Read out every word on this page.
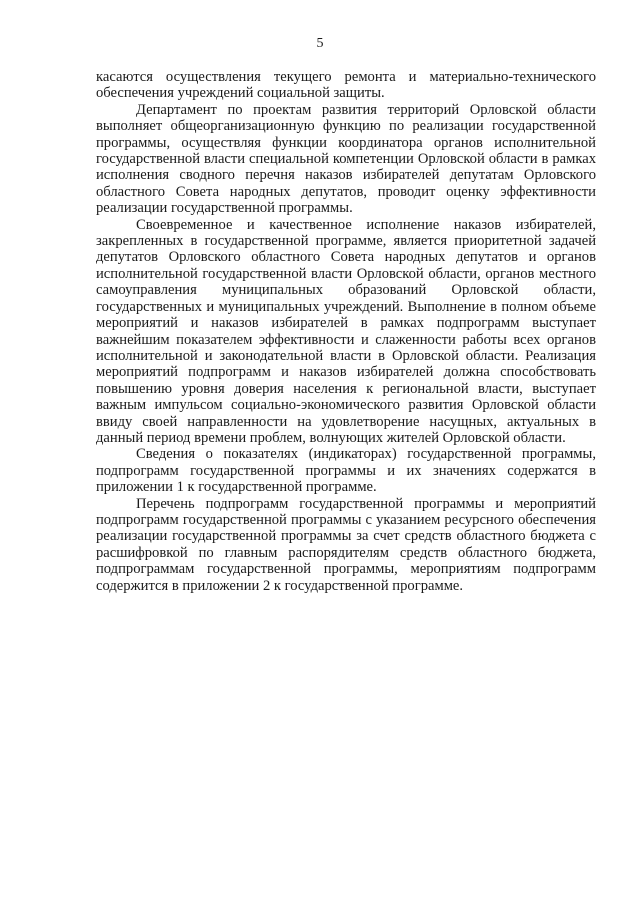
5

касаются осуществления текущего ремонта и материально-технического обеспечения учреждений социальной защиты.

Департамент по проектам развития территорий Орловской области выполняет общеорганизационную функцию по реализации государственной программы, осуществляя функции координатора органов исполнительной государственной власти специальной компетенции Орловской области в рамках исполнения сводного перечня наказов избирателей депутатам Орловского областного Совета народных депутатов, проводит оценку эффективности реализации государственной программы.

Своевременное и качественное исполнение наказов избирателей, закрепленных в государственной программе, является приоритетной задачей депутатов Орловского областного Совета народных депутатов и органов исполнительной государственной власти Орловской области, органов местного самоуправления муниципальных образований Орловской области, государственных и муниципальных учреждений. Выполнение в полном объеме мероприятий и наказов избирателей в рамках подпрограмм выступает важнейшим показателем эффективности и слаженности работы всех органов исполнительной и законодательной власти в Орловской области. Реализация мероприятий подпрограмм и наказов избирателей должна способствовать повышению уровня доверия населения к региональной власти, выступает важным импульсом социально-экономического развития Орловской области ввиду своей направленности на удовлетворение насущных, актуальных в данный период времени проблем, волнующих жителей Орловской области.

Сведения о показателях (индикаторах) государственной программы, подпрограмм государственной программы и их значениях содержатся в приложении 1 к государственной программе.

Перечень подпрограмм государственной программы и мероприятий подпрограмм государственной программы с указанием ресурсного обеспечения реализации государственной программы за счет средств областного бюджета с расшифровкой по главным распорядителям средств областного бюджета, подпрограммам государственной программы, мероприятиям подпрограмм содержится в приложении 2 к государственной программе.
